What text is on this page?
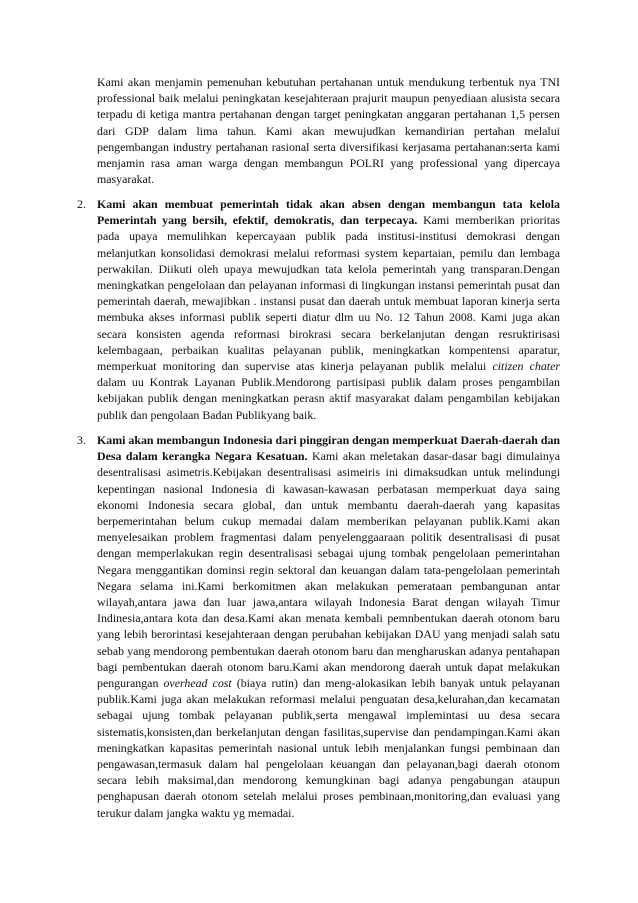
Kami akan menjamin pemenuhan kebutuhan pertahanan untuk mendukung terbentuk nya TNI professional baik melalui peningkatan kesejahteraan prajurit maupun penyediaan alusista secara terpadu di ketiga mantra pertahanan dengan target peningkatan anggaran pertahanan 1,5 persen dari GDP dalam lima tahun. Kami akan mewujudkan kemandirian pertahan melalui pengembangan industry pertahanan rasional serta diversifikasi kerjasama pertahanan:serta kami menjamin rasa aman warga dengan membangun POLRI yang professional yang dipercaya masyarakat.

2. Kami akan membuat pemerintah tidak akan absen dengan membangun tata kelola Pemerintah yang bersih, efektif, demokratis, dan terpecaya. Kami memberikan prioritas pada upaya memulihkan kepercayaan publik pada institusi-institusi demokrasi dengan melanjutkan konsolidasi demokrasi melalui reformasi system kepartaian, pemilu dan lembaga perwakilan. Diikuti oleh upaya mewujudkan tata kelola pemerintah yang transparan.Dengan meningkatkan pengelolaan dan pelayanan informasi di lingkungan instansi pemerintah pusat dan pemerintah daerah, mewajibkan . instansi pusat dan daerah untuk membuat laporan kinerja serta membuka akses informasi publik seperti diatur dlm uu No. 12 Tahun 2008. Kami juga akan secara konsisten agenda reformasi birokrasi secara berkelanjutan dengan resruktirisasi kelembagaan, perbaikan kualitas pelayanan publik, meningkatkan kompentensi aparatur, memperkuat monitoring dan supervise atas kinerja pelayanan publik melalui citizen chater dalam uu Kontrak Layanan Publik.Mendorong partisipasi publik dalam proses pengambilan kebijakan publik dengan meningkatkan perasn aktif masyarakat dalam pengambilan kebijakan publik dan pengolaan Badan Publikyang baik.

3. Kami akan membangun Indonesia dari pinggiran dengan memperkuat Daerah-daerah dan Desa dalam kerangka Negara Kesatuan. Kami akan meletakan dasar-dasar bagi dimulainya desentralisasi asimetris.Kebijakan desentralisasi asimeiris ini dimaksudkan untuk melindungi kepentingan nasional Indonesia di kawasan-kawasan perbatasan memperkuat daya saing ekonomi Indonesia secara global, dan untuk membantu daerah-daerah yang kapasitas berpemerintahan belum cukup memadai dalam memberikan pelayanan publik.Kami akan menyelesaikan problem fragmentasi dalam penyelenggaaraan politik desentralisasi di pusat dengan memperlakukan regin desentralisasi sebagai ujung tombak pengelolaan pemerintahan Negara menggantikan dominsi regin sektoral dan keuangan dalam tata-pengelolaan pemerintah Negara selama ini.Kami berkomitmen akan melakukan pemerataan pembangunan antar wilayah,antara jawa dan luar jawa,antara wilayah Indonesia Barat dengan wilayah Timur Indinesia,antara kota dan desa.Kami akan menata kembali pemnbentukan daerah otonom baru yang lebih berorintasi kesejahteraan dengan perubahan kebijakan DAU yang menjadi salah satu sebab yang mendorong pembentukan daerah otonom baru dan mengharuskan adanya pentahapan bagi pembentukan daerah otonom baru.Kami akan mendorong daerah untuk dapat melakukan pengurangan overhead cost (biaya rutin) dan meng-alokasikan lebih banyak untuk pelayanan publik.Kami juga akan melakukan reformasi melalui penguatan desa,kelurahan,dan kecamatan sebagai ujung tombak pelayanan publik,serta mengawal implemintasi uu desa secara sistematis,konsisten,dan berkelanjutan dengan fasilitas,supervise dan pendampingan.Kami akan meningkatkan kapasitas pemerintah nasional untuk lebih menjalankan fungsi pembinaan dan pengawasan,termasuk dalam hal pengelolaan keuangan dan pelayanan,bagi daerah otonom secara lebih maksimal,dan mendorong kemungkinan bagi adanya pengabungan ataupun penghapusan daerah otonom setelah melalui proses pembinaan,monitoring,dan evaluasi yang terukur dalam jangka waktu yg memadai.
